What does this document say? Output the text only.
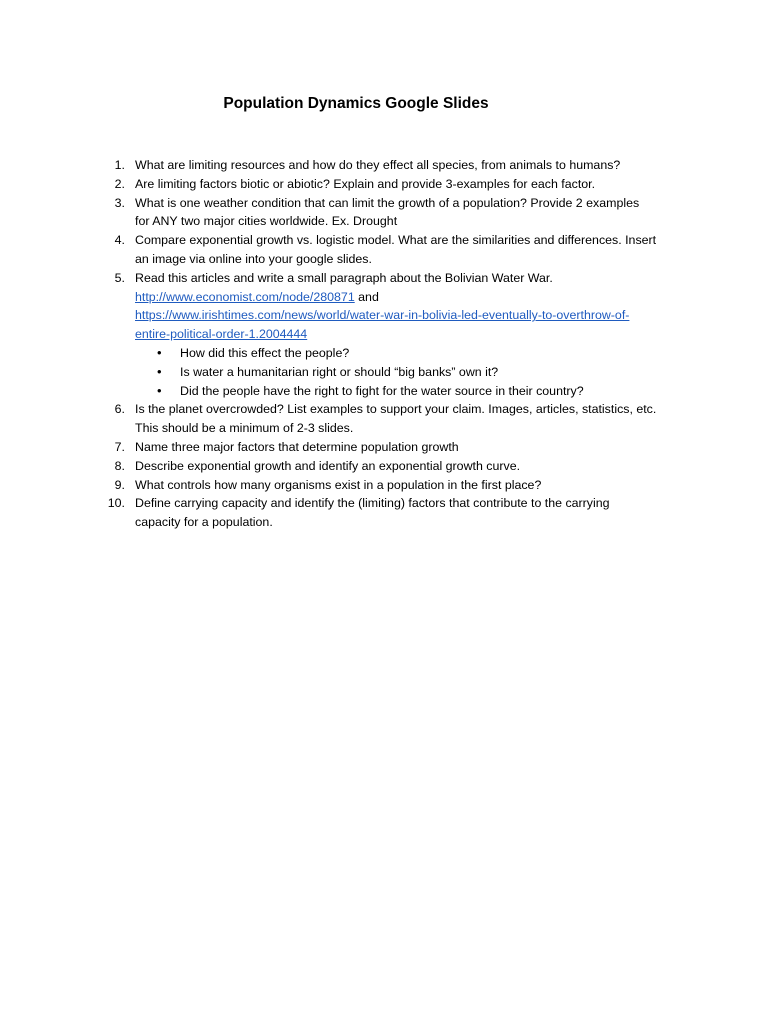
Population Dynamics Google Slides
1. What are limiting resources and how do they effect all species, from animals to humans?
2. Are limiting factors biotic or abiotic? Explain and provide 3-examples for each factor.
3. What is one weather condition that can limit the growth of a population? Provide 2 examples
for ANY two major cities worldwide. Ex. Drought
4. Compare exponential growth vs. logistic model. What are the similarities and differences. Insert
an image via online into your google slides.
5. Read this articles and write a small paragraph about the Bolivian Water War.
http://www.economist.com/node/280871 and
https://www.irishtimes.com/news/world/water-war-in-bolivia-led-eventually-to-overthrow-of-
entire-political-order-1.2004444
• How did this effect the people?
• Is water a humanitarian right or should “big banks” own it?
• Did the people have the right to fight for the water source in their country?
6. Is the planet overcrowded? List examples to support your claim. Images, articles, statistics, etc.
This should be a minimum of 2-3 slides.
7. Name three major factors that determine population growth
8. Describe exponential growth and identify an exponential growth curve.
9. What controls how many organisms exist in a population in the first place?
10. Define carrying capacity and identify the (limiting) factors that contribute to the carrying
capacity for a population.
